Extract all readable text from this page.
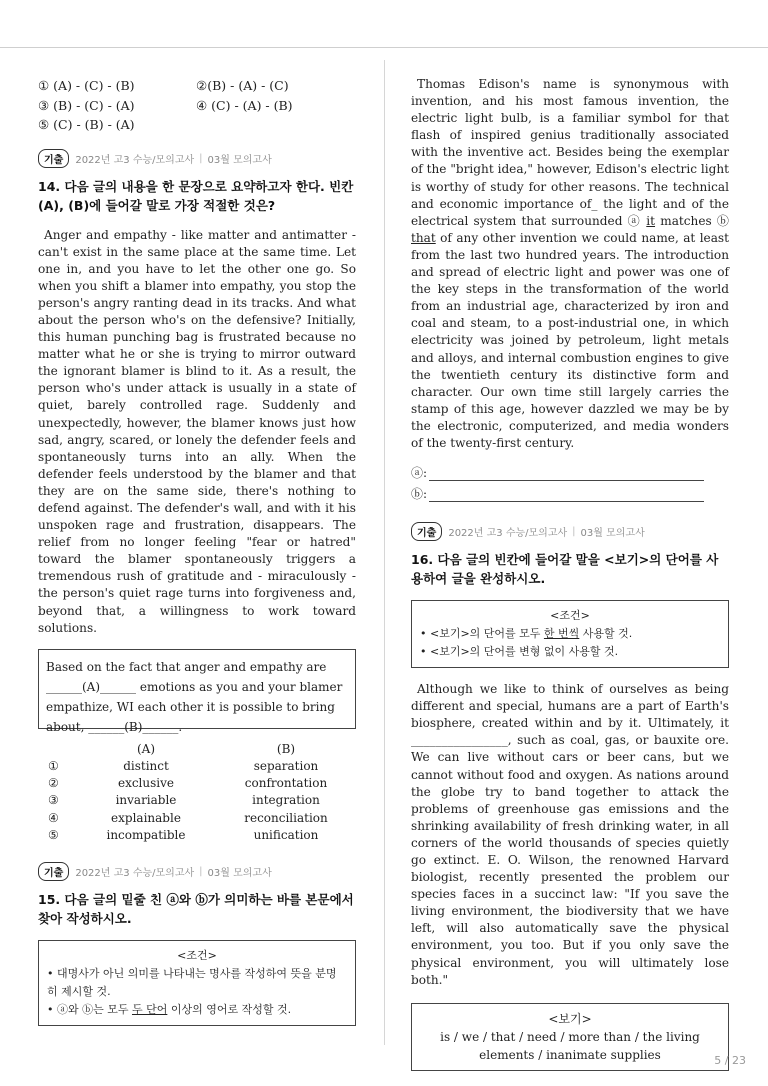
① (A) - (C) - (B)	②(B) - (A) - (C)
③ (B) - (C) - (A)	④ (C) - (A) - (B)
⑤ (C) - (B) - (A)
기출	2022년 고3 수능/모의고사 | 03월 모의고사
14. 다음 글의 내용을 한 문장으로 요약하고자 한다. 빈칸 (A), (B)에 들어갈 말로 가장 적절한 것은?
Anger and empathy - like matter and antimatter - can't exist in the same place at the same time. Let one in, and you have to let the other one go. So when you shift a blamer into empathy, you stop the person's angry ranting dead in its tracks. And what about the person who's on the defensive? Initially, this human punching bag is frustrated because no matter what he or she is trying to mirror outward the ignorant blamer is blind to it. As a result, the person who's under attack is usually in a state of quiet, barely controlled rage. Suddenly and unexpectedly, however, the blamer knows just how sad, angry, scared, or lonely the defender feels and spontaneously turns into an ally. When the defender feels understood by the blamer and that they are on the same side, there's nothing to defend against. The defender's wall, and with it his unspoken rage and frustration, disappears. The relief from no longer feeling "fear or hatred" toward the blamer spontaneously triggers a tremendous rush of gratitude and - miraculously - the person's quiet rage turns into forgiveness and, beyond that, a willingness to work toward solutions.
Based on the fact that anger and empathy are ______(A)______ emotions as you and your blamer empathize, WI each other it is possible to bring about, ______(B)______.
(A)	(B)
①	distinct	separation
②	exclusive	confrontation
③	invariable	integration
④	explainable	reconciliation
⑤	incompatible	unification
기출	2022년 고3 수능/모의고사 | 03월 모의고사
15. 다음 글의 밑줄 친 ⓐ와 ⓑ가 의미하는 바를 본문에서 찾아 작성하시오.
<조건>
• 대명사가 아닌 의미를 나타내는 명사를 작성하여 뜻을 분명히 제시할 것.
• ⓐ와 ⓑ는 모두 두 단어 이상의 영어로 작성할 것.
Thomas Edison's name is synonymous with invention, and his most famous invention, the electric light bulb, is a familiar symbol for that flash of inspired genius traditionally associated with the inventive act. Besides being the exemplar of the "bright idea," however, Edison's electric light is worthy of study for other reasons. The technical and economic importance of_ the light and of the electrical system that surrounded ⓐ it matches ⓑ that of any other invention we could name, at least from the last two hundred years. The introduction and spread of electric light and power was one of the key steps in the transformation of the world from an industrial age, characterized by iron and coal and steam, to a post-industrial one, in which electricity was joined by petroleum, light metals and alloys, and internal combustion engines to give the twentieth century its distinctive form and character. Our own time still largely carries the stamp of this age, however dazzled we may be by the electronic, computerized, and media wonders of the twenty-first century.
ⓐ:
ⓑ:
기출	2022년 고3 수능/모의고사 | 03월 모의고사
16. 다음 글의 빈칸에 들어갈 말을 <보기>의 단어를 사용하여 글을 완성하시오.
<조건>
• <보기>의 단어를 모두 한 번씩 사용할 것.
• <보기>의 단어를 변형 없이 사용할 것.
Although we like to think of ourselves as being different and special, humans are a part of Earth's biosphere, created within and by it. Ultimately, it ________________, such as coal, gas, or bauxite ore. We can live without cars or beer cans, but we cannot without food and oxygen. As nations around the globe try to band together to attack the problems of greenhouse gas emissions and the shrinking availability of fresh drinking water, in all corners of the world thousands of species quietly go extinct. E. O. Wilson, the renowned Harvard biologist, recently presented the problem our species faces in a succinct law: "If you save the living environment, the biodiversity that we have left, will also automatically save the physical environment, you too. But if you only save the physical environment, you will ultimately lose both."
<보기>
is / we / that / need / more than / the living elements / inanimate supplies	5 / 23
